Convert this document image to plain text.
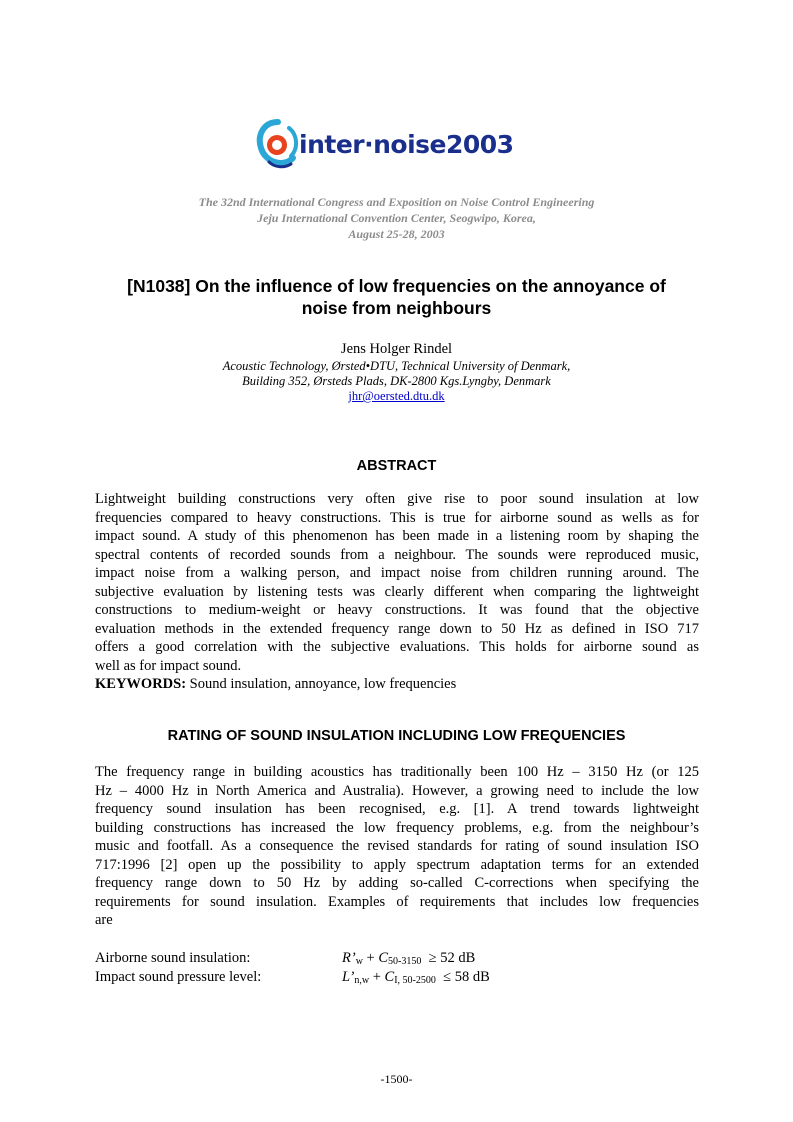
inter·noise2003
The 32nd International Congress and Exposition on Noise Control Engineering
Jeju International Convention Center, Seogwipo, Korea,
August 25-28, 2003
[N1038] On the influence of low frequencies on the annoyance of
noise from neighbours
Jens Holger Rindel
Acoustic Technology, Ørsted•DTU, Technical University of Denmark,
Building 352, Ørsteds Plads, DK-2800 Kgs.Lyngby, Denmark
jhr@oersted.dtu.dk
ABSTRACT
Lightweight building constructions very often give rise to poor sound insulation at low
frequencies compared to heavy constructions. This is true for airborne sound as wells as for
impact sound. A study of this phenomenon has been made in a listening room by shaping the
spectral contents of recorded sounds from a neighbour. The sounds were reproduced music,
impact noise from a walking person, and impact noise from children running around. The
subjective evaluation by listening tests was clearly different when comparing the lightweight
constructions to medium-weight or heavy constructions. It was found that the objective
evaluation methods in the extended frequency range down to 50 Hz as defined in ISO 717
offers a good correlation with the subjective evaluations. This holds for airborne sound as
well as for impact sound.
KEYWORDS: Sound insulation, annoyance, low frequencies
RATING OF SOUND INSULATION INCLUDING LOW FREQUENCIES
The frequency range in building acoustics has traditionally been 100 Hz – 3150 Hz (or 125
Hz – 4000 Hz in North America and Australia). However, a growing need to include the low
frequency sound insulation has been recognised, e.g. [1]. A trend towards lightweight
building constructions has increased the low frequency problems, e.g. from the neighbour’s
music and footfall. As a consequence the revised standards for rating of sound insulation ISO
717:1996 [2] open up the possibility to apply spectrum adaptation terms for an extended
frequency range down to 50 Hz by adding so-called C-corrections when specifying the
requirements for sound insulation. Examples of requirements that includes low frequencies
are
Airborne sound insulation:	$R’_w + C_{50-3150} \ge 52$ dB
Impact sound pressure level:	$L’_{n,w} + C_{I, 50-2500} \le 58$ dB
-1500-
